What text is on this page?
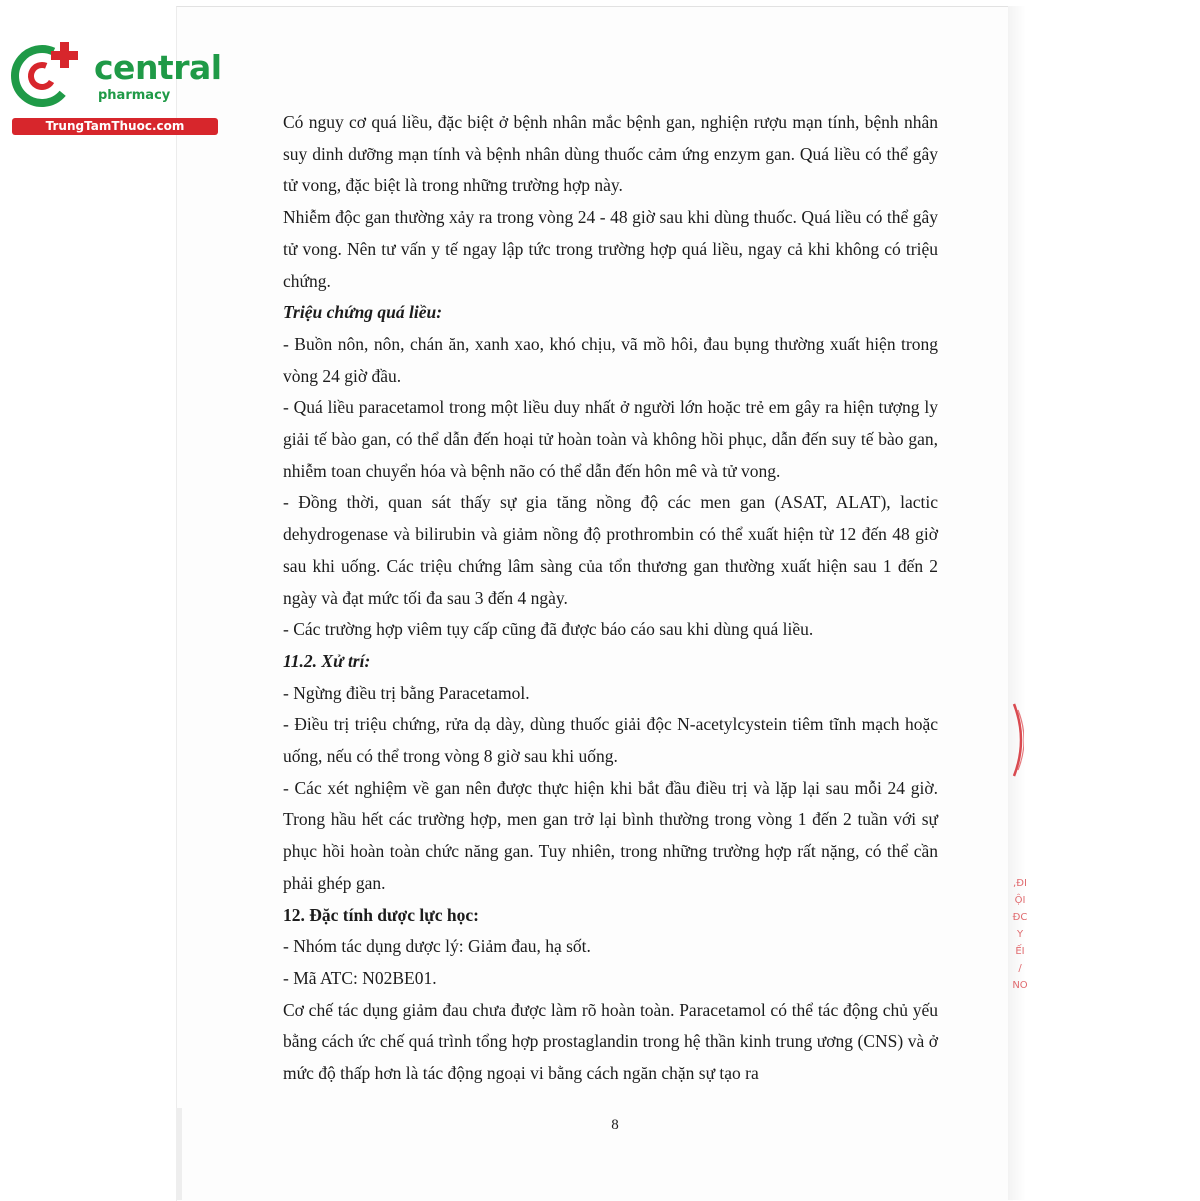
central
pharmacy
TrungTamThuoc.com	Có nguy cơ quá liều, đặc biệt ở bệnh nhân mắc bệnh gan, nghiện rượu mạn tính, bệnh nhân suy dinh dưỡng mạn tính và bệnh nhân dùng thuốc cảm ứng enzym gan. Quá liều có thể gây tử vong, đặc biệt là trong những trường hợp này.

Nhiễm độc gan thường xảy ra trong vòng 24 - 48 giờ sau khi dùng thuốc. Quá liều có thể gây tử vong. Nên tư vấn y tế ngay lập tức trong trường hợp quá liều, ngay cả khi không có triệu chứng.

Triệu chứng quá liều:

- Buồn nôn, nôn, chán ăn, xanh xao, khó chịu, vã mồ hôi, đau bụng thường xuất hiện trong vòng 24 giờ đầu.

- Quá liều paracetamol trong một liều duy nhất ở người lớn hoặc trẻ em gây ra hiện tượng ly giải tế bào gan, có thể dẫn đến hoại tử hoàn toàn và không hồi phục, dẫn đến suy tế bào gan, nhiễm toan chuyển hóa và bệnh não có thể dẫn đến hôn mê và tử vong.

- Đồng thời, quan sát thấy sự gia tăng nồng độ các men gan (ASAT, ALAT), lactic dehydrogenase và bilirubin và giảm nồng độ prothrombin có thể xuất hiện từ 12 đến 48 giờ sau khi uống. Các triệu chứng lâm sàng của tổn thương gan thường xuất hiện sau 1 đến 2 ngày và đạt mức tối đa sau 3 đến 4 ngày.

- Các trường hợp viêm tụy cấp cũng đã được báo cáo sau khi dùng quá liều.

11.2. Xử trí:

- Ngừng điều trị bằng Paracetamol.

- Điều trị triệu chứng, rửa dạ dày, dùng thuốc giải độc N-acetylcystein tiêm tĩnh mạch hoặc uống, nếu có thể trong vòng 8 giờ sau khi uống.

- Các xét nghiệm về gan nên được thực hiện khi bắt đầu điều trị và lặp lại sau mỗi 24 giờ. Trong hầu hết các trường hợp, men gan trở lại bình thường trong vòng 1 đến 2 tuần với sự phục hồi hoàn toàn chức năng gan. Tuy nhiên, trong những trường hợp rất nặng, có thể cần phải ghép gan.

12. Đặc tính dược lực học:

- Nhóm tác dụng dược lý: Giảm đau, hạ sốt.

- Mã ATC: N02BE01.

Cơ chế tác dụng giảm đau chưa được làm rõ hoàn toàn. Paracetamol có thể tác động chủ yếu bằng cách ức chế quá trình tổng hợp prostaglandin trong hệ thần kinh trung ương (CNS) và ở mức độ thấp hơn là tác động ngoại vi bằng cách ngăn chặn sự tạo ra

8
,ĐI
ỘI
ĐC
Y
ẾI
/
NO
